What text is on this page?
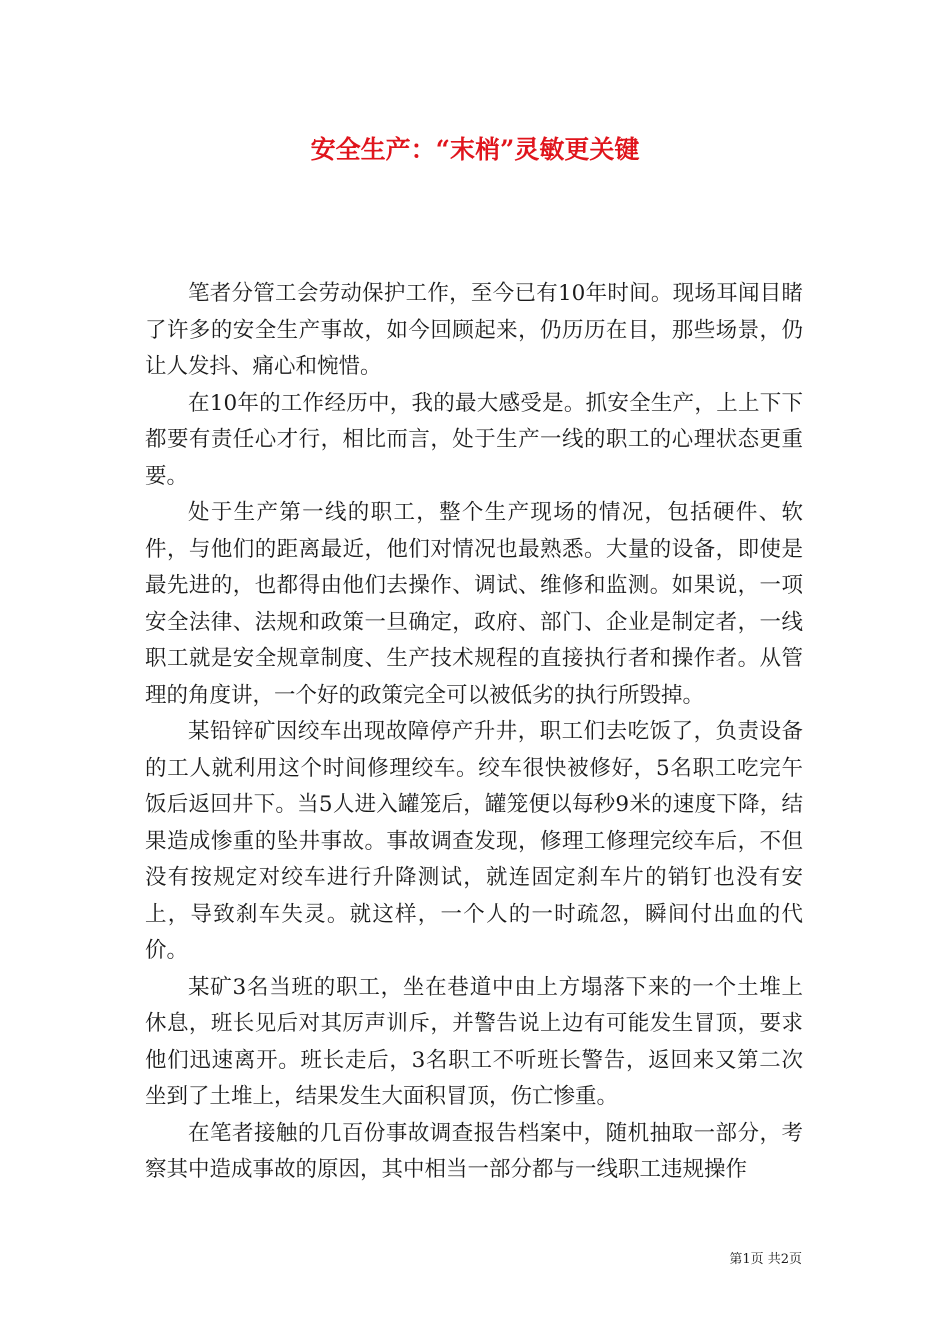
安全生产：“末梢”灵敏更关键

笔者分管工会劳动保护工作，至今已有10年时间。现场耳闻目睹了许多的安全生产事故，如今回顾起来，仍历历在目，那些场景，仍让人发抖、痛心和惋惜。

在10年的工作经历中，我的最大感受是。抓安全生产，上上下下都要有责任心才行，相比而言，处于生产一线的职工的心理状态更重要。

处于生产第一线的职工，整个生产现场的情况，包括硬件、软件，与他们的距离最近，他们对情况也最熟悉。大量的设备，即使是最先进的，也都得由他们去操作、调试、维修和监测。如果说，一项安全法律、法规和政策一旦确定，政府、部门、企业是制定者，一线职工就是安全规章制度、生产技术规程的直接执行者和操作者。从管理的角度讲，一个好的政策完全可以被低劣的执行所毁掉。

某铅锌矿因绞车出现故障停产升井，职工们去吃饭了，负责设备的工人就利用这个时间修理绞车。绞车很快被修好，5名职工吃完午饭后返回井下。当5人进入罐笼后，罐笼便以每秒9米的速度下降，结果造成惨重的坠井事故。事故调查发现，修理工修理完绞车后，不但没有按规定对绞车进行升降测试，就连固定刹车片的销钉也没有安上，导致刹车失灵。就这样，一个人的一时疏忽，瞬间付出血的代价。

某矿3名当班的职工，坐在巷道中由上方塌落下来的一个土堆上休息，班长见后对其厉声训斥，并警告说上边有可能发生冒顶，要求他们迅速离开。班长走后，3名职工不听班长警告，返回来又第二次坐到了土堆上，结果发生大面积冒顶，伤亡惨重。

在笔者接触的几百份事故调查报告档案中，随机抽取一部分，考察其中造成事故的原因，其中相当一部分都与一线职工违规操作

第1页 共2页
